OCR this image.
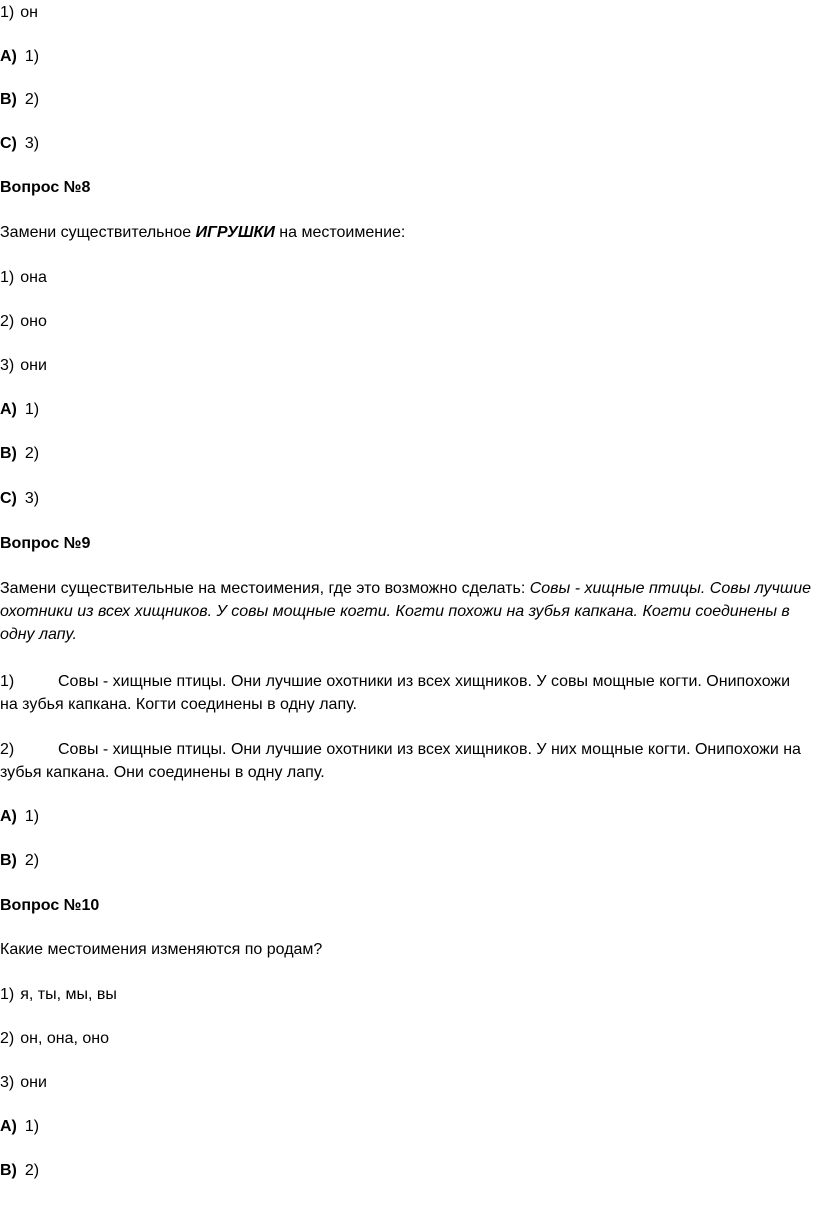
1) он
A) 1)
B) 2)
C) 3)
Вопрос №8
Замени существительное ИГРУШКИ на местоимение:
1) она
2) оно
3) они
A) 1)
B) 2)
C) 3)
Вопрос №9
Замени существительные на местоимения, где это возможно сделать: Совы - хищные птицы. Совы лучшие охотники из всех хищников. У совы мощные когти. Когти похожи на зубья капкана. Когти соединены в одну лапу.
1)	Совы - хищные птицы. Они лучшие охотники из всех хищников. У совы мощные когти. Онипохожи на зубья капкана. Когти соединены в одну лапу.
2)	Совы - хищные птицы. Они лучшие охотники из всех хищников. У них мощные когти. Онипохожи на зубья капкана. Они соединены в одну лапу.
A) 1)
B) 2)
Вопрос №10
Какие местоимения изменяются по родам?
1) я, ты, мы, вы
2) он, она, оно
3) они
A) 1)
B) 2)
